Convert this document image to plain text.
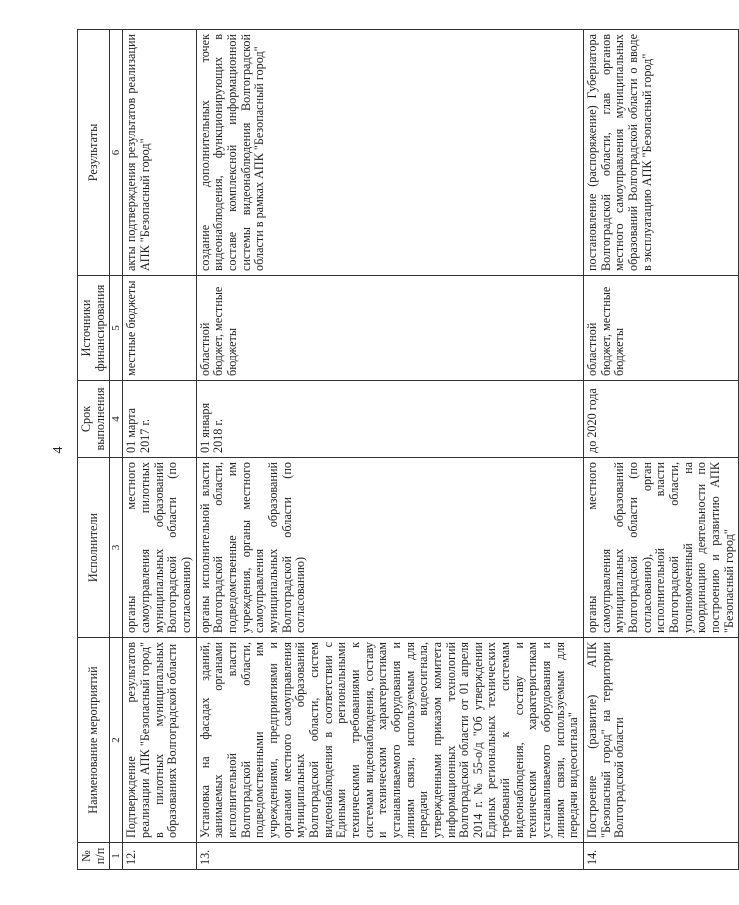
4
№ п/п	Наименование мероприятий	Исполнители	Срок выполнения	Источники финансирования	Результаты
1	2	3	4	5	6
12.	Подтверждение результатов реализации АПК "Безопасный город" в пилотных муниципальных образованиях Волгоградской области	органы местного самоуправления пилотных муниципальных образований Волгоградской области (по согласованию)	01 марта 2017 г.	местные бюджеты	акты подтверждения результатов реализации АПК "Безопасный город"
13.	Установка на фасадах зданий, занимаемых органами исполнительной власти Волгоградской области, подведомственными им учреждениями, предприятиями и органами местного самоуправления муниципальных образований Волгоградской области, систем видеонаблюдения в соответствии с Едиными региональными техническими требованиями к системам видеонаблюдения, составу и техническим характеристикам устанавливаемого оборудования и линиям связи, используемым для передачи видеосигнала, утвержденными приказом комитета информационных технологий Волгоградской области от 01 апреля 2014 г. № 55-о/д "Об утверждении Единых региональных технических требований к системам видеонаблюдения, составу и техническим характеристикам устанавливаемого оборудования и линиям связи, используемым для передачи видеосигнала"	органы исполнительной власти Волгоградской области, подведомственные им учреждения, органы местного самоуправления муниципальных образований Волгоградской области (по согласованию)	01 января 2018 г.	областной бюджет, местные бюджеты	создание дополнительных точек видеонаблюдения, функционирующих в составе комплексной информационной системы видеонаблюдения Волгоградской области в рамках АПК "Безопасный город"
14.	Построение (развитие) АПК "Безопасный город" на территории Волгоградской области	органы местного самоуправления муниципальных образований Волгоградской области (по согласованию), орган исполнительной власти Волгоградской области, уполномоченный на координацию деятельности по построению и развитию АПК "Безопасный город"	до 2020 года	областной бюджет, местные бюджеты	постановление (распоряжение) Губернатора Волгоградской области, глав органов местного самоуправления муниципальных образований Волгоградской области о вводе в эксплуатацию АПК "Безопасный город"
